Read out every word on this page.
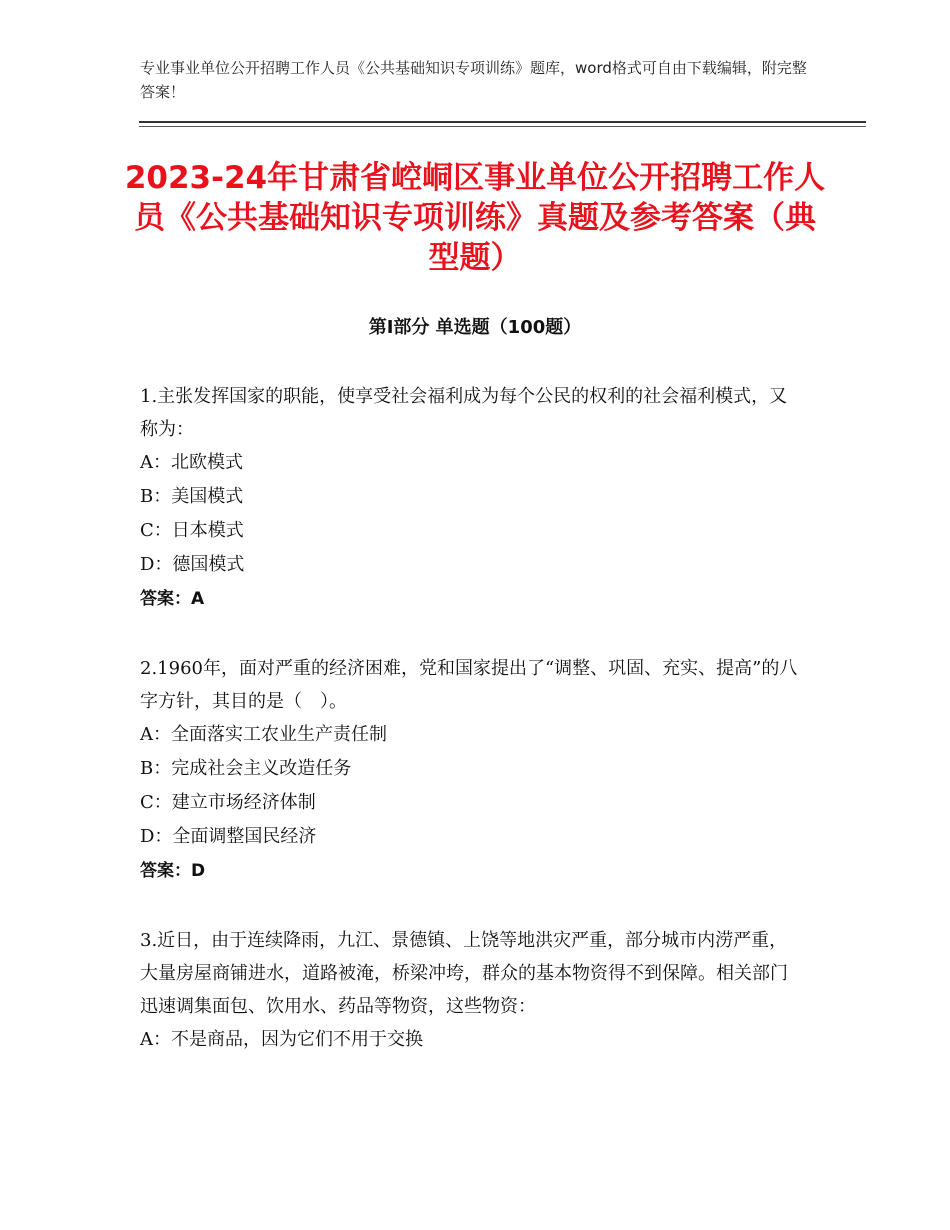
专业事业单位公开招聘工作人员《公共基础知识专项训练》题库，word格式可自由下载编辑，附完整答案！
2023-24年甘肃省崆峒区事业单位公开招聘工作人员《公共基础知识专项训练》真题及参考答案（典型题）
第Ⅰ部分 单选题（100题）

1.主张发挥国家的职能，使享受社会福利成为每个公民的权利的社会福利模式，又称为：

A：北欧模式

B：美国模式

C：日本模式

D：德国模式

答案：A

2.1960年，面对严重的经济困难，党和国家提出了“调整、巩固、充实、提高”的八字方针，其目的是（　）。

A：全面落实工农业生产责任制

B：完成社会主义改造任务

C：建立市场经济体制

D：全面调整国民经济

答案：D

3.近日，由于连续降雨，九江、景德镇、上饶等地洪灾严重，部分城市内涝严重，大量房屋商铺进水，道路被淹，桥梁冲垮，群众的基本物资得不到保障。相关部门迅速调集面包、饮用水、药品等物资，这些物资：

A：不是商品，因为它们不用于交换
